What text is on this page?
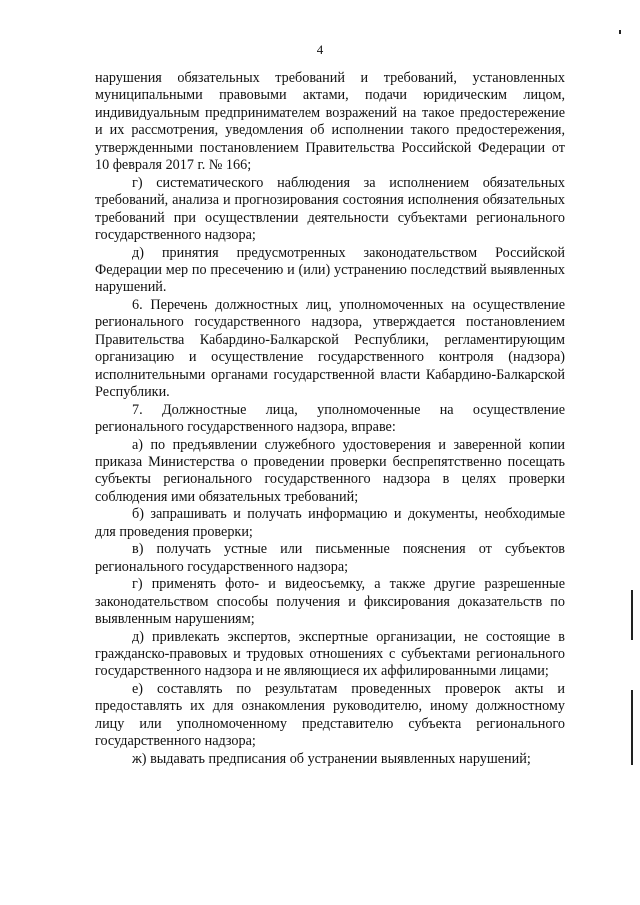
4

нарушения обязательных требований и требований, установленных муниципальными правовыми актами, подачи юридическим лицом, индивидуальным предпринимателем возражений на такое предостережение и их рассмотрения, уведомления об исполнении такого предостережения, утвержденными постановлением Правительства Российской Федерации от 10 февраля 2017 г. № 166;

г) систематического наблюдения за исполнением обязательных требований, анализа и прогнозирования состояния исполнения обязательных требований при осуществлении деятельности субъектами регионального государственного надзора;

д) принятия предусмотренных законодательством Российской Федерации мер по пресечению и (или) устранению последствий выявленных нарушений.

6. Перечень должностных лиц, уполномоченных на осуществление регионального государственного надзора, утверждается постановлением Правительства Кабардино-Балкарской Республики, регламентирующим организацию и осуществление государственного контроля (надзора) исполнительными органами государственной власти Кабардино-Балкарской Республики.

7. Должностные лица, уполномоченные на осуществление регионального государственного надзора, вправе:

а) по предъявлении служебного удостоверения и заверенной копии приказа Министерства о проведении проверки беспрепятственно посещать субъекты регионального государственного надзора в целях проверки соблюдения ими обязательных требований;

б) запрашивать и получать информацию и документы, необходимые для проведения проверки;

в) получать устные или письменные пояснения от субъектов регионального государственного надзора;

г) применять фото- и видеосъемку, а также другие разрешенные законодательством способы получения и фиксирования доказательств по выявленным нарушениям;

д) привлекать экспертов, экспертные организации, не состоящие в гражданско-правовых и трудовых отношениях с субъектами регионального государственного надзора и не являющиеся их аффилированными лицами;

е) составлять по результатам проведенных проверок акты и предоставлять их для ознакомления руководителю, иному должностному лицу или уполномоченному представителю субъекта регионального государственного надзора;

ж) выдавать предписания об устранении выявленных нарушений;
